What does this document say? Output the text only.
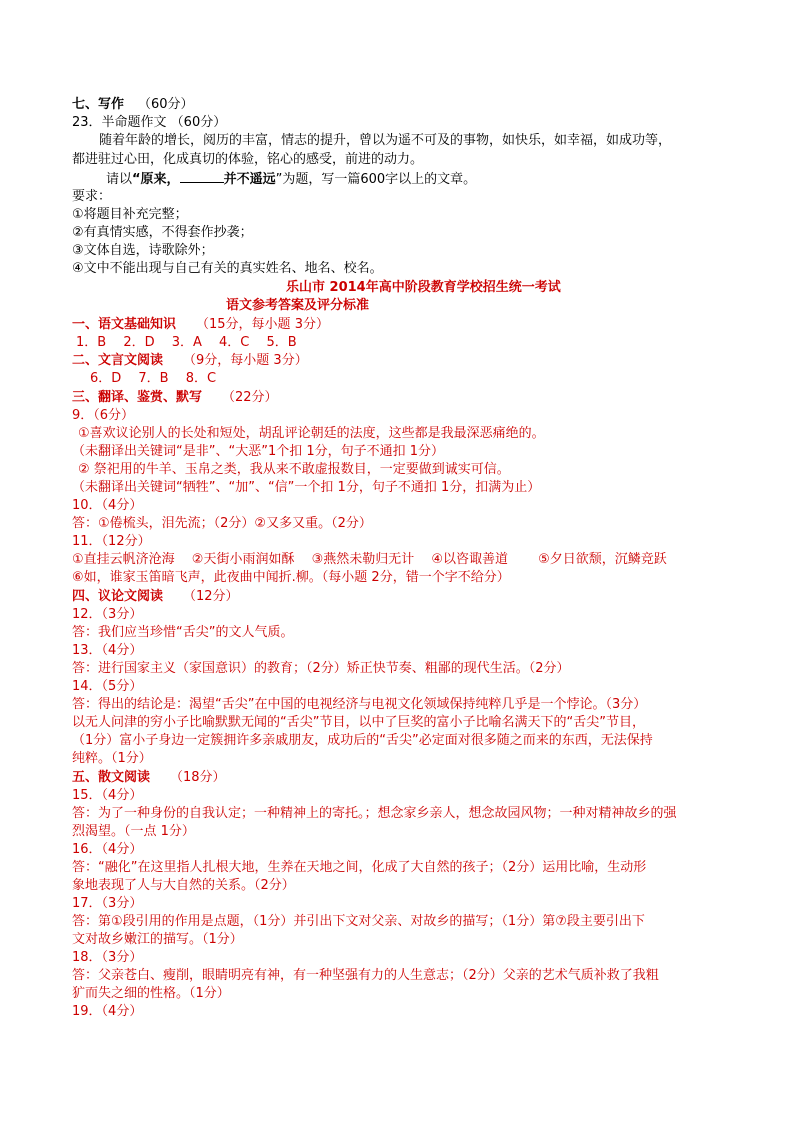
七、写作 （60分）
23．半命题作文 （60分）
随着年龄的增长，阅历的丰富，情志的提升，曾以为遥不可及的事物，如快乐，如幸福，如成功等，
都进驻过心田，化成真切的体验，铭心的感受，前进的动力。
请以“原来，	并不遥远”为题，写一篇600字以上的文章。
要求：
①将题目补充完整；
②有真情实感，不得套作抄袭；
③文体自选，诗歌除外；
④文中不能出现与自己有关的真实姓名、地名、校名。
乐山市 2014年高中阶段教育学校招生统一考试
语文参考答案及评分标准
一、语文基础知识 （15分，每小题 3分）
1．B　 2．D　 3．A　 4．C　 5．B
二、文言文阅读 （9分，每小题 3分）
6．D　 7．B　 8．C
三、翻译、鉴赏、默写 （22分）
9．（6分）
①喜欢议论别人的长处和短处，胡乱评论朝廷的法度，这些都是我最深恶痛绝的。
（未翻译出关键词“是非”、“大恶”1个扣 1分，句子不通扣 1分）
② 祭祀用的牛羊、玉帛之类，我从来不敢虚报数目，一定要做到诚实可信。
（未翻译出关键词“牺牲”、“加”、“信”一个扣 1分，句子不通扣 1分，扣满为止）
10．（4分）
答：①倦梳头，泪先流；（2分）②又多又重。（2分）
11．（12分）
①直挂云帆济沧海　 ②天街小雨润如酥　 ③燕然未勒归无计　 ④以咨诹善道　　 ⑤夕日欲颓，沉鳞竞跃
⑥如，谁家玉笛暗飞声，此夜曲中闻折.柳。（每小题 2分，错一个字不给分）
四、议论文阅读 （12分）
12．（3分）
答：我们应当珍惜“舌尖”的文人气质。
13．（4分）
答：进行国家主义（家国意识）的教育；（2分）矫正快节奏、粗鄙的现代生活。（2分）
14．（5分）
答：得出的结论是：渴望“舌尖”在中国的电视经济与电视文化领域保持纯粹几乎是一个悖论。（3分）
以无人问津的穷小子比喻默默无闻的“舌尖”节目，以中了巨奖的富小子比喻名满天下的“舌尖”节目，
（1分）富小子身边一定簇拥许多亲戚朋友，成功后的“舌尖”必定面对很多随之而来的东西，无法保持
纯粹。（1分）
五、散文阅读 （18分）
15．（4分）
答：为了一种身份的自我认定；一种精神上的寄托。；想念家乡亲人，想念故园风物；一种对精神故乡的强
烈渴望。（一点 1分）
16．（4分）
答：“融化”在这里指人扎根大地，生养在天地之间，化成了大自然的孩子；（2分）运用比喻，生动形
象地表现了人与大自然的关系。（2分）
17．（3分）
答：第①段引用的作用是点题，（1分）并引出下文对父亲、对故乡的描写；（1分）第⑦段主要引出下
文对故乡嫩江的描写。（1分）
18．（3分）
答：父亲苍白、瘦削，眼睛明亮有神，有一种坚强有力的人生意志；（2分）父亲的艺术气质补救了我粗
犷而失之细的性格。（1分）
19．（4分）
